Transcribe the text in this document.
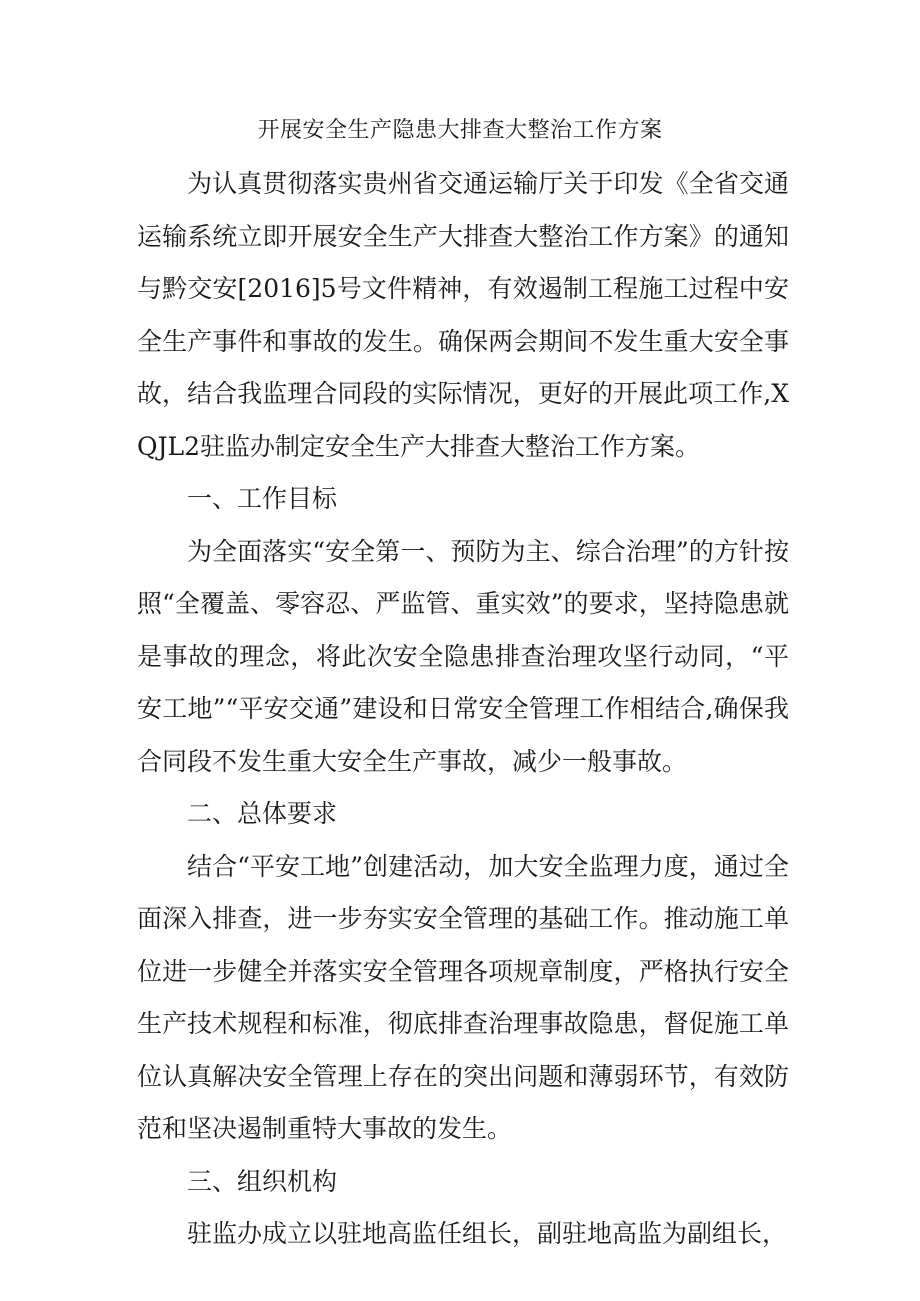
开展安全生产隐患大排查大整治工作方案

为认真贯彻落实贵州省交通运输厅关于印发《全省交通运输系统立即开展安全生产大排查大整治工作方案》的通知与黔交安[2016]5号文件精神，有效遏制工程施工过程中安全生产事件和事故的发生。确保两会期间不发生重大安全事故，结合我监理合同段的实际情况，更好的开展此项工作,XQJL2驻监办制定安全生产大排查大整治工作方案。

一、工作目标

为全面落实“安全第一、预防为主、综合治理”的方针按照“全覆盖、零容忍、严监管、重实效”的要求，坚持隐患就是事故的理念，将此次安全隐患排查治理攻坚行动同，“平安工地”“平安交通”建设和日常安全管理工作相结合,确保我合同段不发生重大安全生产事故，减少一般事故。

二、总体要求

结合“平安工地”创建活动，加大安全监理力度，通过全面深入排查，进一步夯实安全管理的基础工作。推动施工单位进一步健全并落实安全管理各项规章制度，严格执行安全生产技术规程和标准，彻底排查治理事故隐患，督促施工单位认真解决安全管理上存在的突出问题和薄弱环节，有效防范和坚决遏制重特大事故的发生。

三、组织机构

驻监办成立以驻地高监任组长，副驻地高监为副组长，
